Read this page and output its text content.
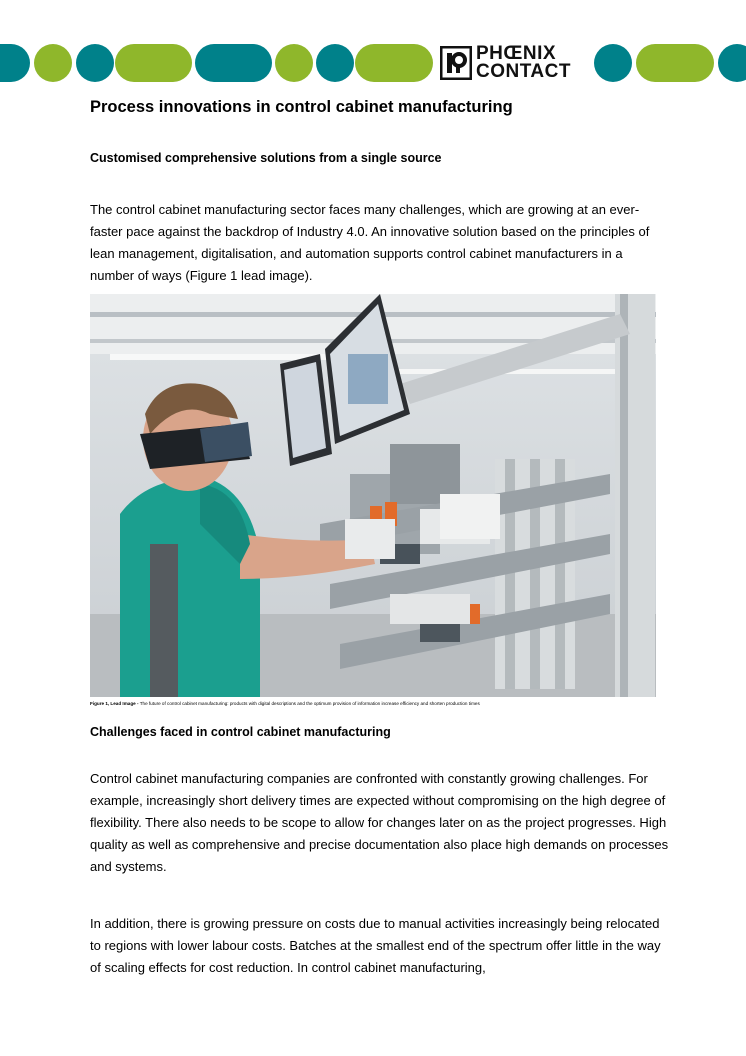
PHŒNIX
CONTACT
Process innovations in control cabinet manufacturing
Customised comprehensive solutions from a single source

The control cabinet manufacturing sector faces many challenges, which are growing at an ever-faster pace against the backdrop of Industry 4.0. An innovative solution based on the principles of lean management, digitalisation, and automation supports control cabinet manufacturers in a number of ways (Figure 1 lead image).

Figure 1, Lead Image - The future of control cabinet manufacturing: products with digital descriptions and the optimum provision of information increase efficiency and shorten production times

Challenges faced in control cabinet manufacturing

Control cabinet manufacturing companies are confronted with constantly growing challenges. For example, increasingly short delivery times are expected without compromising on the high degree of flexibility. There also needs to be scope to allow for changes later on as the project progresses. High quality as well as comprehensive and precise documentation also place high demands on processes and systems.

In addition, there is growing pressure on costs due to manual activities increasingly being relocated to regions with lower labour costs. Batches at the smallest end of the spectrum offer little in the way of scaling effects for cost reduction. In control cabinet manufacturing,
